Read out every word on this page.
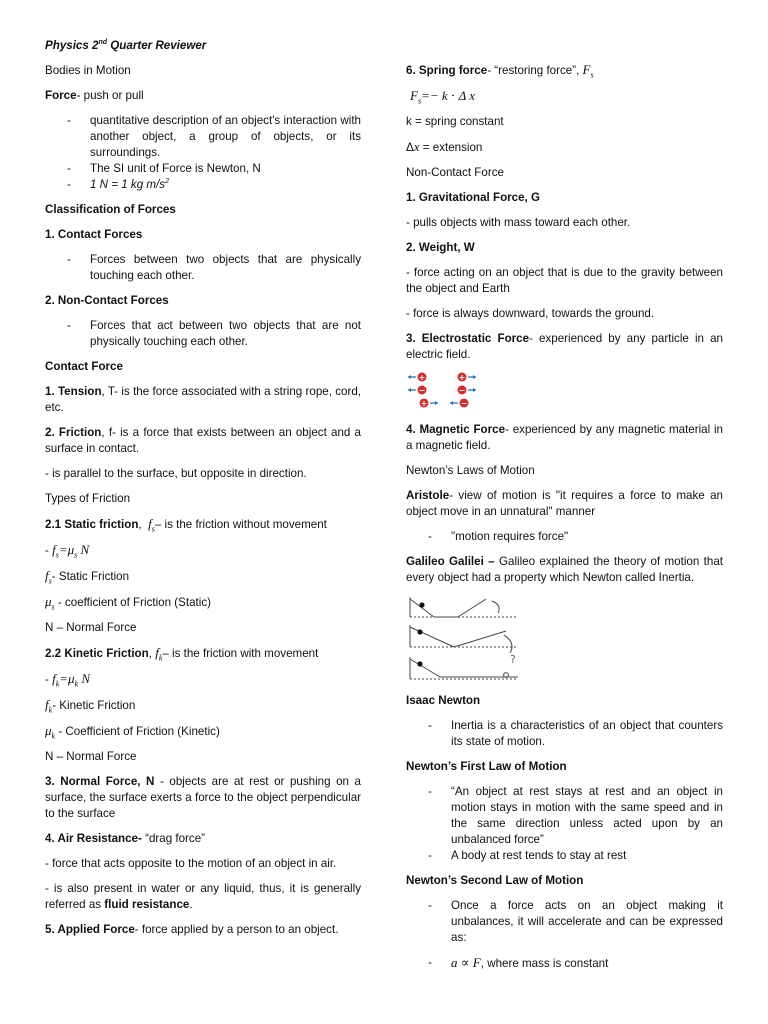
Physics 2nd Quarter Reviewer

Bodies in Motion

Force- push or pull

-	quantitative description of an object's interaction with another object, a group of objects, or its surroundings.
-	The SI unit of Force is Newton, N
-	1 N = 1 kg $m/s^2$

Classification of Forces

1. Contact Forces

-	Forces between two objects that are physically touching each other.

2. Non-Contact Forces

-	Forces that act between two objects that are not physically touching each other.

Contact Force

1. Tension, T- is the force associated with a string rope, cord, etc.

2. Friction, f- is a force that exists between an object and a surface in contact.

- is parallel to the surface, but opposite in direction.

Types of Friction

2.1 Static friction,  $f_s-$ is the friction without movement

- $f_s=\mu_s$ N

$f_s-$ Static Friction

$\mu_s$ - coefficient of Friction (Static)

N – Normal Force

2.2 Kinetic Friction, $f_k-$ is the friction with movement

- $f_k=\mu_k$ N

$f_k-$ Kinetic Friction

$\mu_k$ - Coefficient of Friction (Kinetic)

N – Normal Force

3. Normal Force, N - objects are at rest or pushing on a surface, the surface exerts a force to the object perpendicular to the surface

4. Air Resistance- “drag force”

- force that acts opposite to the motion of an object in air.

- is also present in water or any liquid, thus, it is generally referred as fluid resistance.

5. Applied Force- force applied by a person to an object.

6. Spring force- “restoring force”, $F_s$

$F_s=- k \cdot \Delta$ x

k = spring constant

Δx = extension

Non-Contact Force

1. Gravitational Force, G

- pulls objects with mass toward each other.

2. Weight, W

- force acting on an object that is due to the gravity between the object and Earth

- force is always downward, towards the ground.

3. Electrostatic Force- experienced by any particle in an electric field.

+	+
−	−
+	−

4. Magnetic Force- experienced by any magnetic material in a magnetic field.

Newton’s Laws of Motion

Aristole- view of motion is "it requires a force to make an object move in an unnatural" manner

-	"motion requires force"

Galileo Galilei – Galileo explained the theory of motion that every object had a property which Newton called Inertia.

?

Isaac Newton

-	Inertia is a characteristics of an object that counters its state of motion.

Newton’s First Law of Motion

-	“An object at rest stays at rest and an object in motion stays in motion with the same speed and in the same direction unless acted upon by an unbalanced force”
-	A body at rest tends to stay at rest

Newton’s Second Law of Motion

-	Once a force acts on an object making it unbalances, it will accelerate and can be expressed as:
-	a ∝ F, where mass is constant
